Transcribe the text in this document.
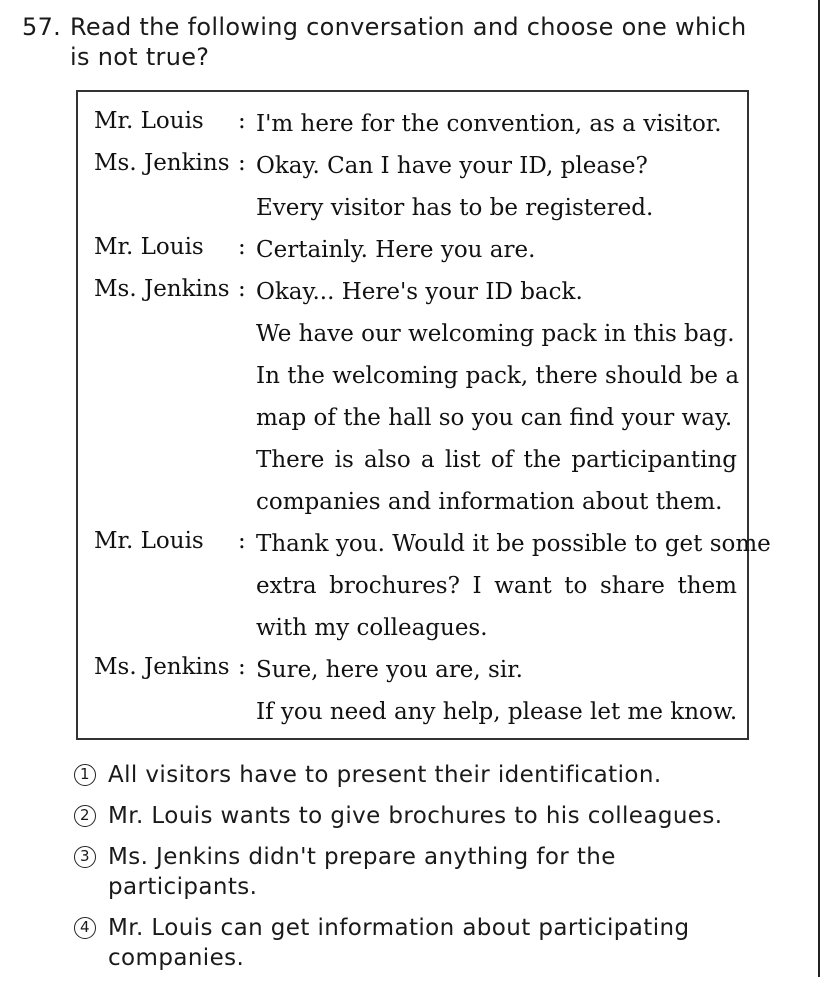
57. Read the following conversation and choose one which
is not true?
Mr. Louis : I'm here for the convention, as a visitor.
Ms. Jenkins : Okay. Can I have your ID, please?
Every visitor has to be registered.
Mr. Louis : Certainly. Here you are.
Ms. Jenkins : Okay... Here's your ID back.
We have our welcoming pack in this bag.
In the welcoming pack, there should be a
map of the hall so you can find your way.
There is also a list of the participanting
companies and information about them.
Mr. Louis : Thank you. Would it be possible to get some
extra brochures? I want to share them
with my colleagues.
Ms. Jenkins : Sure, here you are, sir.
If you need any help, please let me know.
1 All visitors have to present their identification.
2 Mr. Louis wants to give brochures to his colleagues.
3 Ms. Jenkins didn't prepare anything for the
participants.
4 Mr. Louis can get information about participating
companies.
